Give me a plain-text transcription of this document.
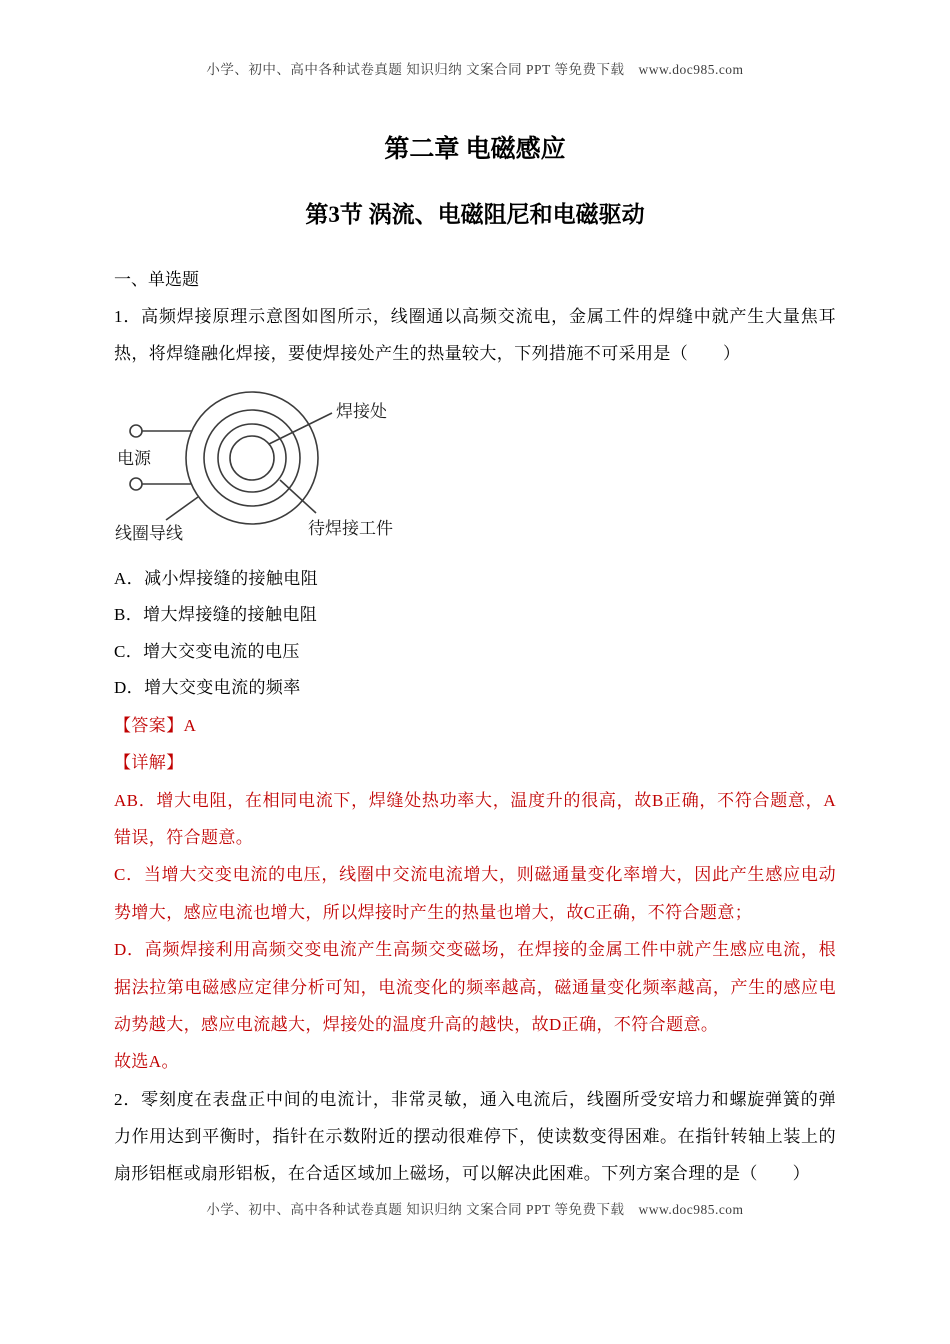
小学、初中、高中各种试卷真题 知识归纳 文案合同 PPT 等免费下载 www.doc985.com
第二章 电磁感应
第3节 涡流、电磁阻尼和电磁驱动
一、单选题
1．高频焊接原理示意图如图所示，线圈通以高频交流电，金属工件的焊缝中就产生大量焦耳热，将焊缝融化焊接，要使焊接处产生的热量较大，下列措施不可采用是（　　）
焊接处
电源
线圈导线	待焊接工件
A．减小焊接缝的接触电阻
B．增大焊接缝的接触电阻
C．增大交变电流的电压
D．增大交变电流的频率
【答案】A
【详解】
AB．增大电阻，在相同电流下，焊缝处热功率大，温度升的很高，故B正确，不符合题意，A错误，符合题意。
C．当增大交变电流的电压，线圈中交流电流增大，则磁通量变化率增大，因此产生感应电动势增大，感应电流也增大，所以焊接时产生的热量也增大，故C正确，不符合题意；
D．高频焊接利用高频交变电流产生高频交变磁场，在焊接的金属工件中就产生感应电流，根据法拉第电磁感应定律分析可知，电流变化的频率越高，磁通量变化频率越高，产生的感应电动势越大，感应电流越大，焊接处的温度升高的越快，故D正确，不符合题意。
故选A。
2．零刻度在表盘正中间的电流计，非常灵敏，通入电流后，线圈所受安培力和螺旋弹簧的弹力作用达到平衡时，指针在示数附近的摆动很难停下，使读数变得困难。在指针转轴上装上的扇形铝框或扇形铝板，在合适区域加上磁场，可以解决此困难。下列方案合理的是（　　）
小学、初中、高中各种试卷真题 知识归纳 文案合同 PPT 等免费下载 www.doc985.com
